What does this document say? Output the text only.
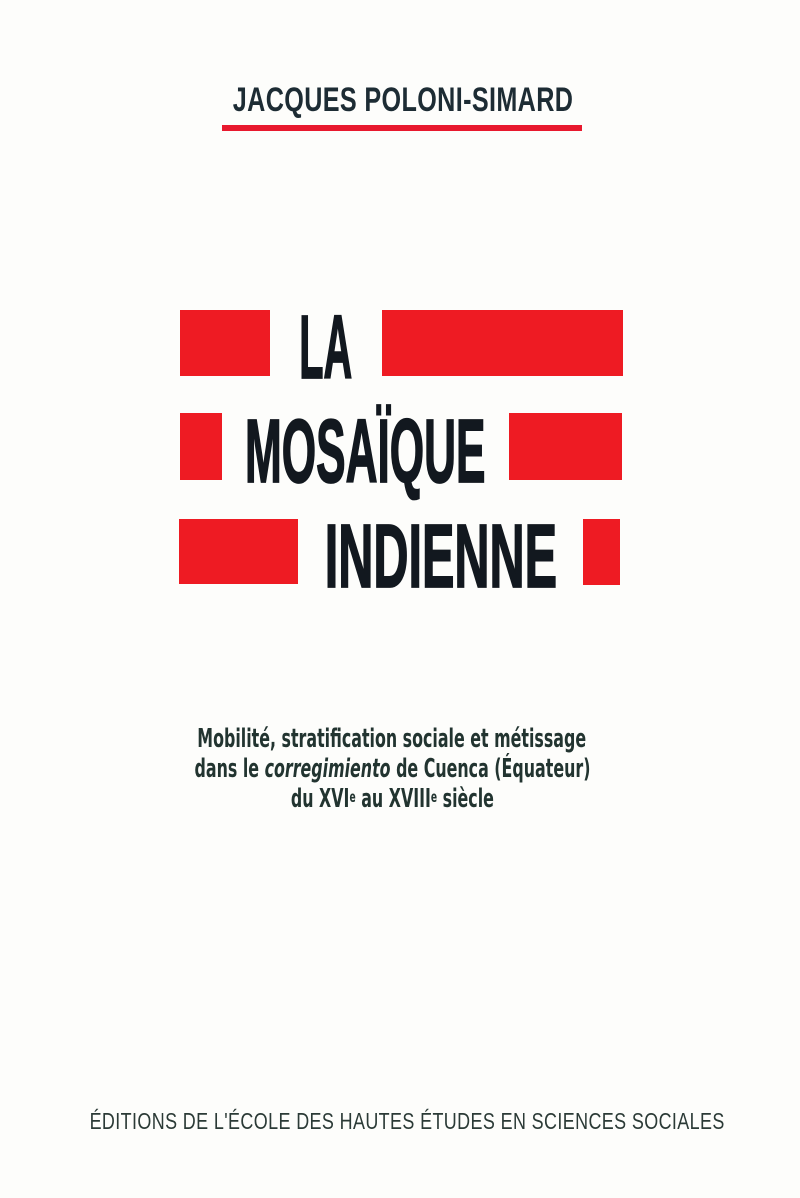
JACQUES POLONI-SIMARD
LA
MOSAÏQUE
INDIENNE
Mobilité, stratification sociale et métissage
dans le corregimiento de Cuenca (Équateur)
du XVIe au XVIIIe siècle
ÉDITIONS DE L'ÉCOLE DES HAUTES ÉTUDES EN SCIENCES SOCIALES
